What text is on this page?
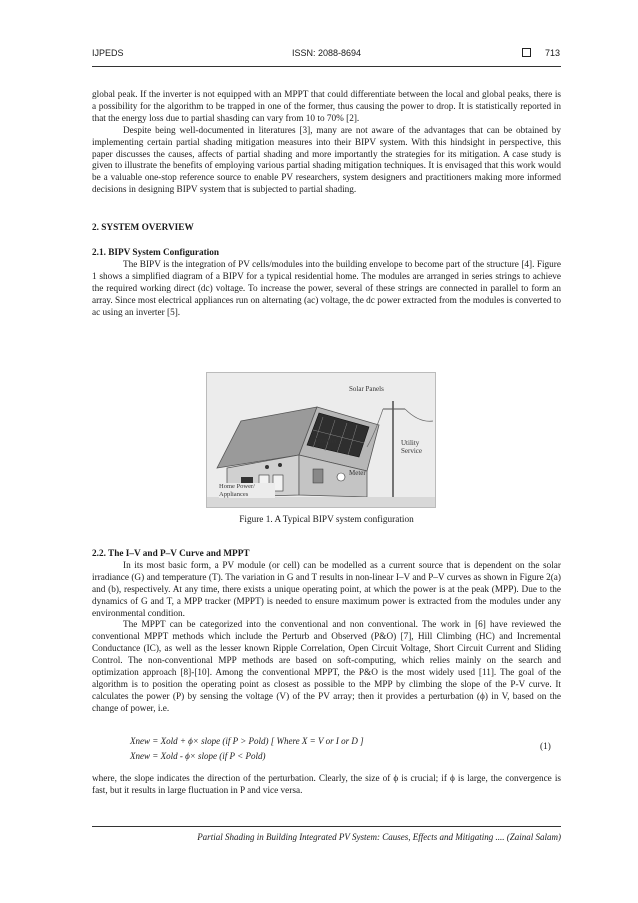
IJPEDS	ISSN: 2088-8694	713

global peak. If the inverter is not equipped with an MPPT that could differentiate between the local and global peaks, there is a possibility for the algorithm to be trapped in one of the former, thus causing the power to drop. It is statistically reported in that the energy loss due to partial shasding can vary from 10 to 70% [2].

Despite being well-documented in literatures [3], many are not aware of the advantages that can be obtained by implementing certain partial shading mitigation measures into their BIPV system. With this hindsight in perspective, this paper discusses the causes, affects of partial shading and more importantly the strategies for its mitigation. A case study is given to illustrate the benefits of employing various partial shading mitigation techniques. It is envisaged that this work would be a valuable one-stop reference source to enable PV researchers, system designers and practitioners making more informed decisions in designing BIPV system that is subjected to partial shading.

2. SYSTEM OVERVIEW

2.1. BIPV System Configuration

The BIPV is the integration of PV cells/modules into the building envelope to become part of the structure [4]. Figure 1 shows a simplified diagram of a BIPV for a typical residential home. The modules are arranged in series strings to achieve the required working direct (dc) voltage. To increase the power, several of these strings are connected in parallel to form an array. Since most electrical appliances run on alternating (ac) voltage, the dc power extracted from the modules is converted to ac using an inverter [5].

Solar Panels
Inverter	Utility Service
Meter
Home Power/ Appliances
Figure 1. A Typical BIPV system configuration

2.2. The I–V and P–V Curve and MPPT

In its most basic form, a PV module (or cell) can be modelled as a current source that is dependent on the solar irradiance (G) and temperature (T). The variation in G and T results in non-linear I–V and P–V curves as shown in Figure 2(a) and (b), respectively. At any time, there exists a unique operating point, at which the power is at the peak (MPP). Due to the dynamics of G and T, a MPP tracker (MPPT) is needed to ensure maximum power is extracted from the modules under any environmental condition.

The MPPT can be categorized into the conventional and non conventional. The work in [6] have reviewed the conventional MPPT methods which include the Perturb and Observed (P&O) [7], Hill Climbing (HC) and Incremental Conductance (IC), as well as the lesser known Ripple Correlation, Open Circuit Voltage, Short Circuit Current and Sliding Control. The non-conventional MPP methods are based on soft-computing, which relies mainly on the search and optimization approach [8]-[10]. Among the conventional MPPT, the P&O is the most widely used [11]. The goal of the algorithm is to position the operating point as closest as possible to the MPP by climbing the slope of the P-V curve. It calculates the power (P) by sensing the voltage (V) of the PV array; then it provides a perturbation (ϕ) in V, based on the change of power, i.e.

Xnew = Xold + ϕ× slope (if P > Pold) [ Where X = V or I or D ]
Xnew = Xold - ϕ× slope (if P < Pold)
(1)

where, the slope indicates the direction of the perturbation. Clearly, the size of ϕ is crucial; if ϕ is large, the convergence is fast, but it results in large fluctuation in P and vice versa.

Partial Shading in Building Integrated PV System: Causes, Effects and Mitigating .... (Zainal Salam)
